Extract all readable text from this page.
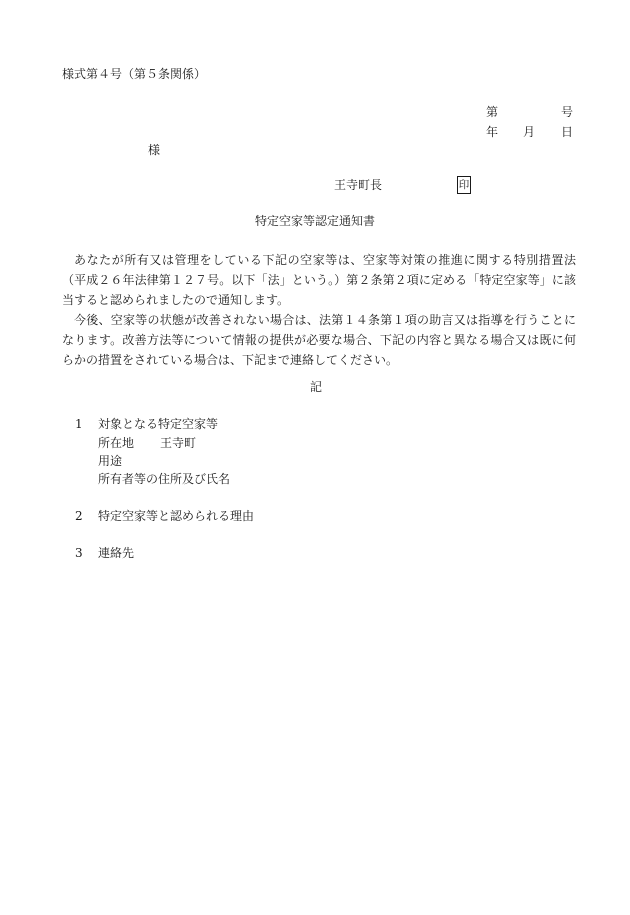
様式第４号（第５条関係）
第	号
年 月 日
様
王寺町長	印
特定空家等認定通知書

あなたが所有又は管理をしている下記の空家等は、空家等対策の推進に関する特別措置法（平成２６年法律第１２７号。以下「法」という。）第２条第２項に定める「特定空家等」に該当すると認められましたので通知します。

今後、空家等の状態が改善されない場合は、法第１４条第１項の助言又は指導を行うことになります。改善方法等について情報の提供が必要な場合、下記の内容と異なる場合又は既に何らかの措置をされている場合は、下記まで連絡してください。

記
1 対象となる特定空家等
所在地 王寺町
用途
所有者等の住所及び氏名
2 特定空家等と認められる理由
3 連絡先
